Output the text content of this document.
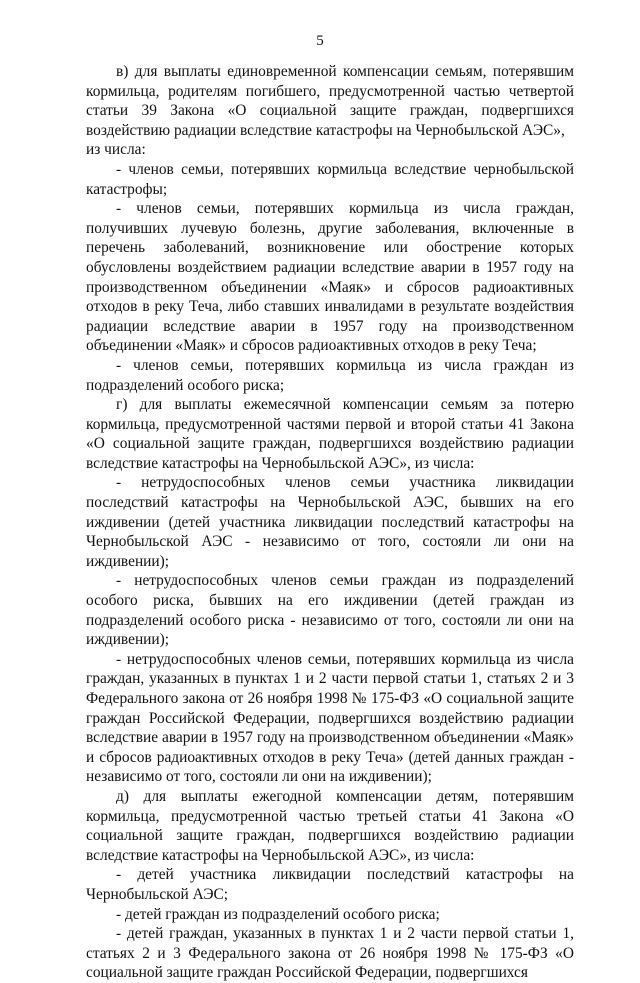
5

в) для выплаты единовременной компенсации семьям, потерявшим кормильца, родителям погибшего, предусмотренной частью четвертой статьи 39 Закона «О социальной защите граждан, подвергшихся воздействию радиации вследствие катастрофы на Чернобыльской АЭС»,

из числа:

- членов семьи, потерявших кормильца вследствие чернобыльской катастрофы;

- членов семьи, потерявших кормильца из числа граждан, получивших лучевую болезнь, другие заболевания, включенные в перечень заболеваний, возникновение или обострение которых обусловлены воздействием радиации вследствие аварии в 1957 году на производственном объединении «Маяк» и сбросов радиоактивных отходов в реку Теча, либо ставших инвалидами в результате воздействия радиации вследствие аварии в 1957 году на производственном объединении «Маяк» и сбросов радиоактивных отходов в реку Теча;

- членов семьи, потерявших кормильца из числа граждан из подразделений особого риска;

г) для выплаты ежемесячной компенсации семьям за потерю кормильца, предусмотренной частями первой и второй статьи 41 Закона «О социальной защите граждан, подвергшихся воздействию радиации вследствие катастрофы на Чернобыльской АЭС», из числа:

- нетрудоспособных членов семьи участника ликвидации последствий катастрофы на Чернобыльской АЭС, бывших на его иждивении (детей участника ликвидации последствий катастрофы на Чернобыльской АЭС - независимо от того, состояли ли они на иждивении);

- нетрудоспособных членов семьи граждан из подразделений особого риска, бывших на его иждивении (детей граждан из подразделений особого риска - независимо от того, состояли ли они на иждивении);

- нетрудоспособных членов семьи, потерявших кормильца из числа граждан, указанных в пунктах 1 и 2 части первой статьи 1, статьях 2 и 3 Федерального закона от 26 ноября 1998 № 175-ФЗ «О социальной защите граждан Российской Федерации, подвергшихся воздействию радиации вследствие аварии в 1957 году на производственном объединении «Маяк» и сбросов радиоактивных отходов в реку Теча» (детей данных граждан - независимо от того, состояли ли они на иждивении);

д) для выплаты ежегодной компенсации детям, потерявшим кормильца, предусмотренной частью третьей статьи 41 Закона «О социальной защите граждан, подвергшихся воздействию радиации вследствие катастрофы на Чернобыльской АЭС», из числа:

- детей участника ликвидации последствий катастрофы на Чернобыльской АЭС;

- детей граждан из подразделений особого риска;

- детей граждан, указанных в пунктах 1 и 2 части первой статьи 1, статьях 2 и 3 Федерального закона от 26 ноября 1998 № 175-ФЗ «О социальной защите граждан Российской Федерации, подвергшихся
